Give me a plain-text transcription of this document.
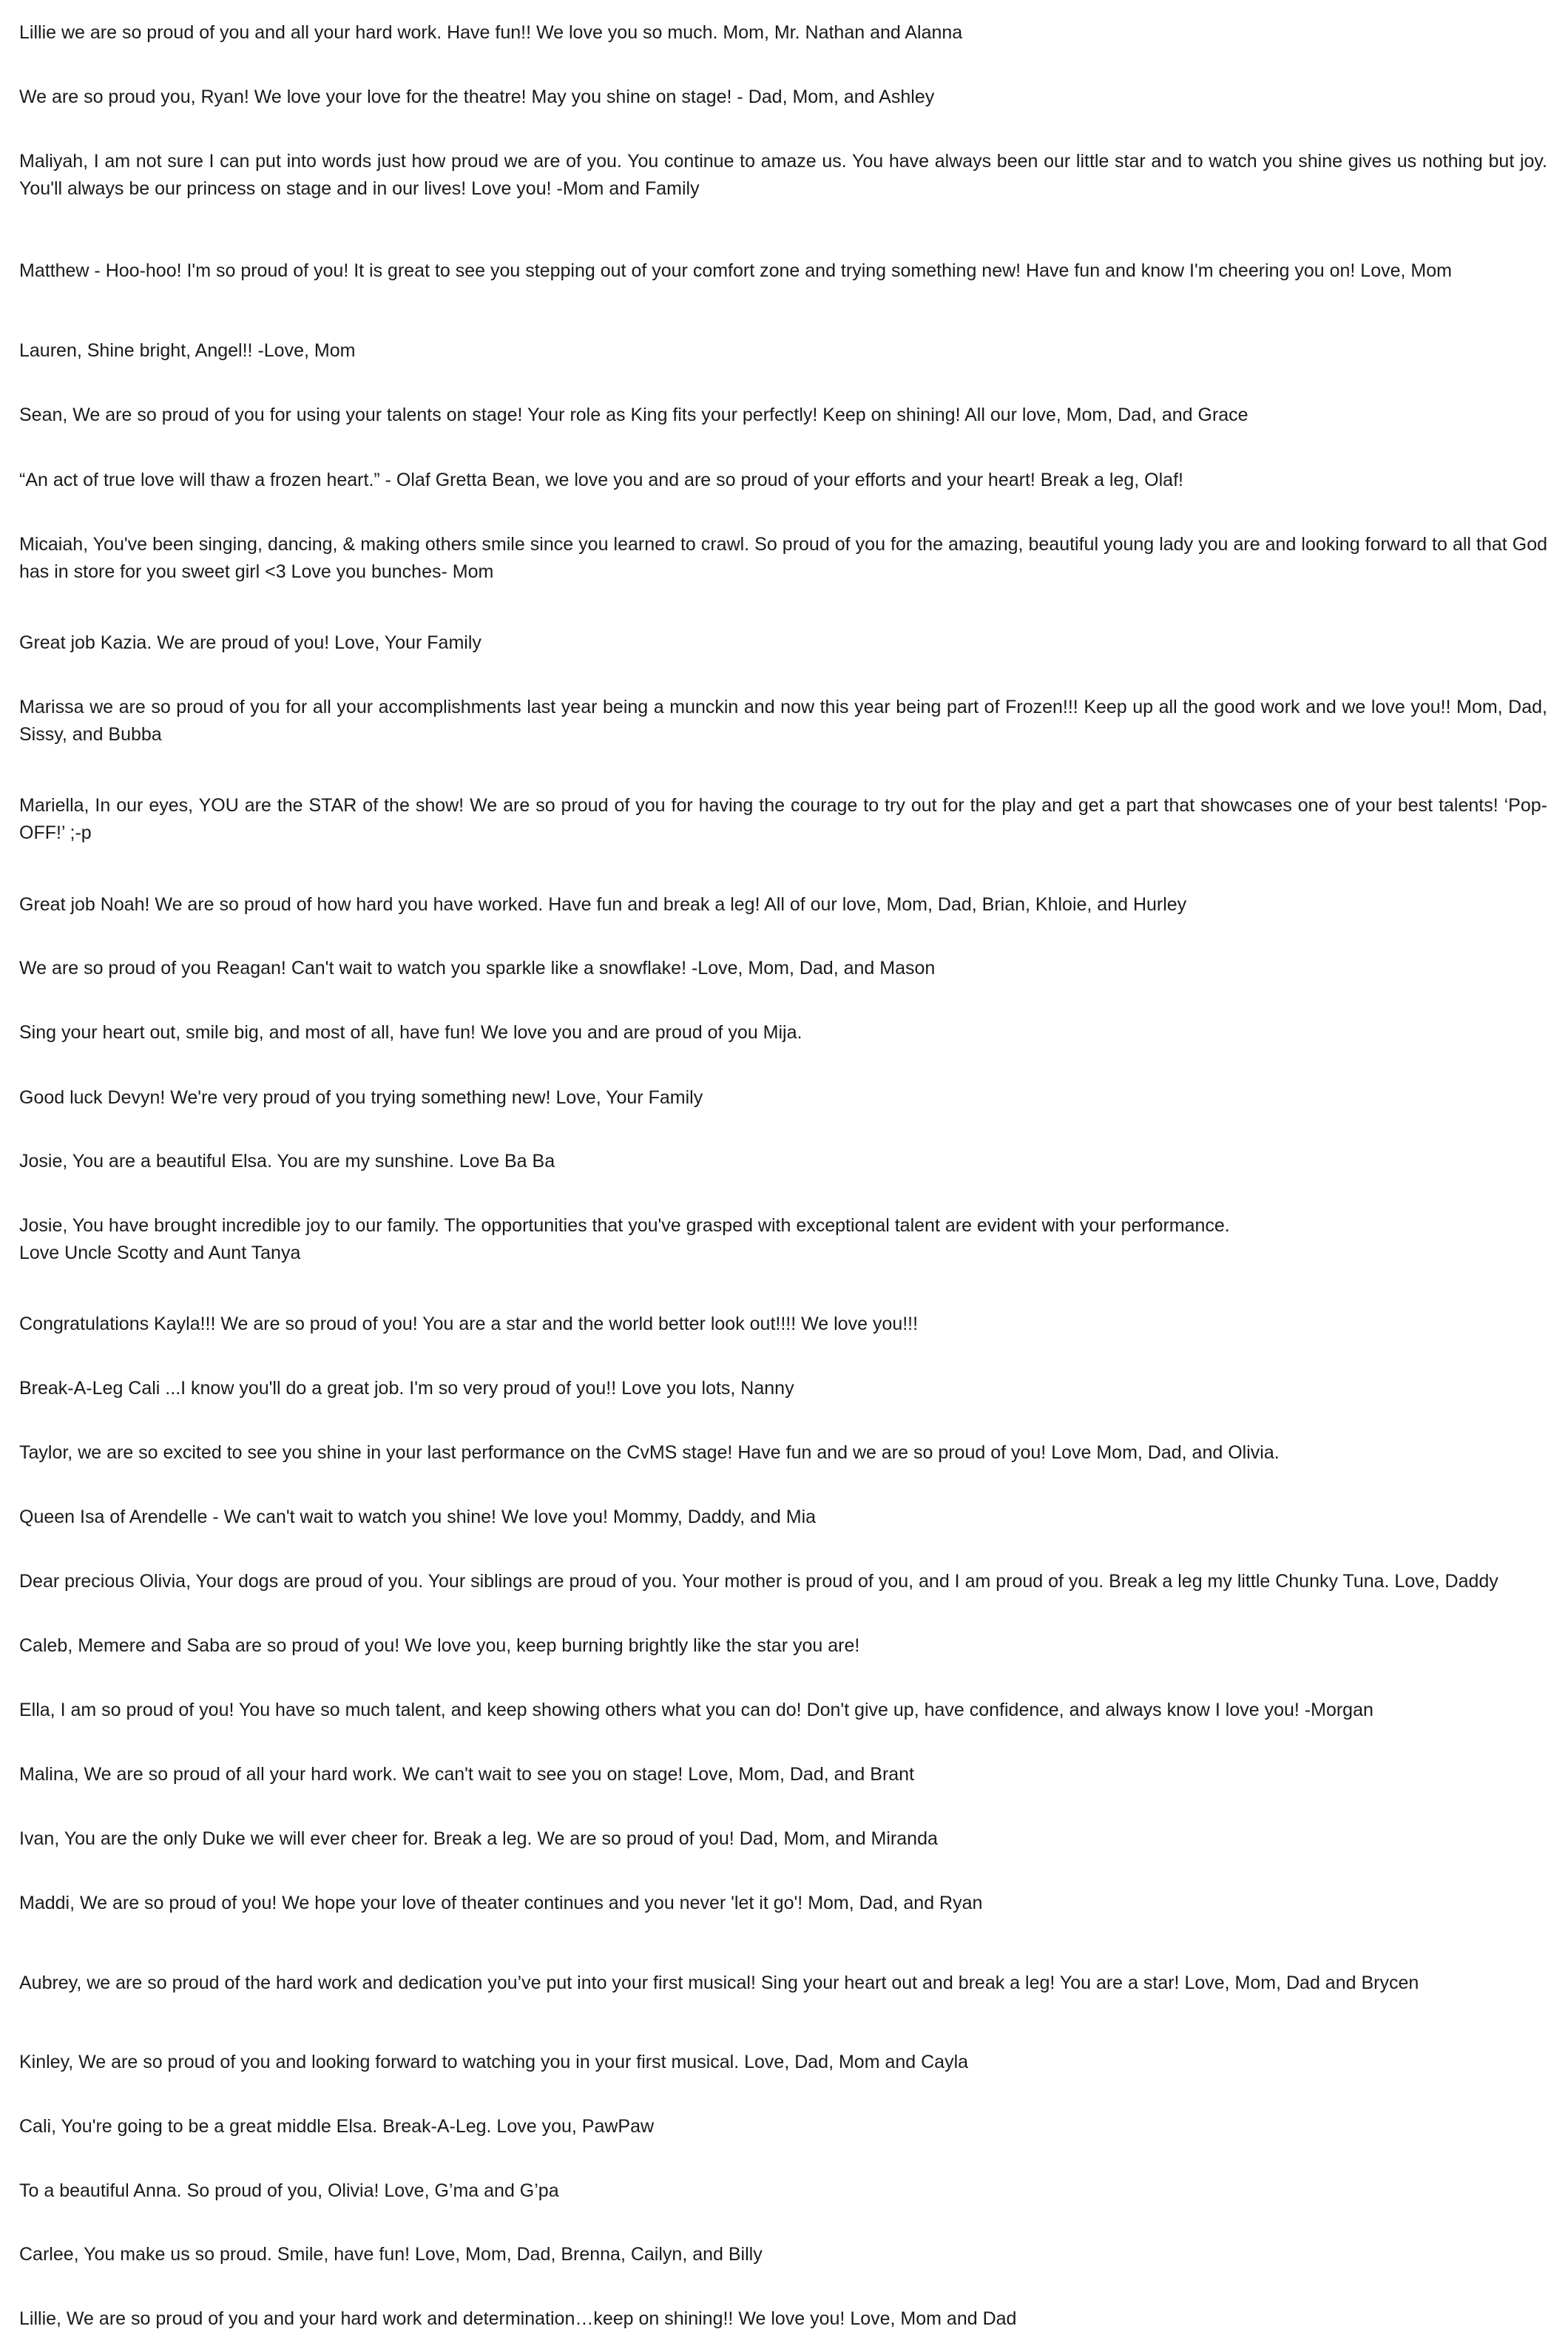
Lillie we are so proud of you and all your hard work. Have fun!! We love you so much. Mom, Mr. Nathan and Alanna
We are so proud you, Ryan! We love your love for the theatre! May you shine on stage! - Dad, Mom, and Ashley
Maliyah, I am not sure I can put into words just how proud we are of you. You continue to amaze us. You have always been our little star and to watch you shine gives us nothing but joy. You'll always be our princess on stage and in our lives! Love you! -Mom and Family
Matthew - Hoo-hoo! I'm so proud of you! It is great to see you stepping out of your comfort zone and trying something new! Have fun and know I'm cheering you on! Love, Mom
Lauren, Shine bright, Angel!! -Love, Mom
Sean, We are so proud of you for using your talents on stage! Your role as King fits your perfectly! Keep on shining! All our love, Mom, Dad, and Grace
“An act of true love will thaw a frozen heart.” - Olaf Gretta Bean, we love you and are so proud of your efforts and your heart! Break a leg, Olaf!
Micaiah, You've been singing, dancing, & making others smile since you learned to crawl. So proud of you for the amazing, beautiful young lady you are and looking forward to all that God has in store for you sweet girl <3 Love you bunches- Mom
Great job Kazia. We are proud of you! Love, Your Family
Marissa we are so proud of you for all your accomplishments last year being a munckin and now this year being part of Frozen!!! Keep up all the good work and we love you!! Mom, Dad, Sissy, and Bubba
Mariella, In our eyes, YOU are the STAR of the show! We are so proud of you for having the courage to try out for the play and get a part that showcases one of your best talents! ‘Pop-OFF!’ ;-p
Great job Noah! We are so proud of how hard you have worked. Have fun and break a leg! All of our love, Mom, Dad, Brian, Khloie, and Hurley
We are so proud of you Reagan! Can't wait to watch you sparkle like a snowflake! -Love, Mom, Dad, and Mason
Sing your heart out, smile big, and most of all, have fun! We love you and are proud of you Mija.
Good luck Devyn! We're very proud of you trying something new! Love, Your Family
Josie, You are a beautiful Elsa. You are my sunshine. Love Ba Ba
Josie, You have brought incredible joy to our family. The opportunities that you've grasped with exceptional talent are evident with your performance.
Love Uncle Scotty and Aunt Tanya
Congratulations Kayla!!! We are so proud of you! You are a star and the world better look out!!!! We love you!!!
Break-A-Leg Cali ...I know you'll do a great job. I'm so very proud of you!! Love you lots, Nanny
Taylor, we are so excited to see you shine in your last performance on the CvMS stage! Have fun and we are so proud of you! Love Mom, Dad, and Olivia.
Queen Isa of Arendelle - We can't wait to watch you shine! We love you! Mommy, Daddy, and Mia
Dear precious Olivia, Your dogs are proud of you. Your siblings are proud of you. Your mother is proud of you, and I am proud of you. Break a leg my little Chunky Tuna. Love, Daddy
Caleb, Memere and Saba are so proud of you! We love you, keep burning brightly like the star you are!
Ella, I am so proud of you! You have so much talent, and keep showing others what you can do! Don't give up, have confidence, and always know I love you! -Morgan
Malina, We are so proud of all your hard work. We can't wait to see you on stage! Love, Mom, Dad, and Brant
Ivan, You are the only Duke we will ever cheer for. Break a leg. We are so proud of you! Dad, Mom, and Miranda
Maddi, We are so proud of you! We hope your love of theater continues and you never 'let it go'! Mom, Dad, and Ryan
Aubrey, we are so proud of the hard work and dedication you’ve put into your first musical! Sing your heart out and break a leg! You are a star! Love, Mom, Dad and Brycen
Kinley, We are so proud of you and looking forward to watching you in your first musical. Love, Dad, Mom and Cayla
Cali, You're going to be a great middle Elsa. Break-A-Leg. Love you, PawPaw
To a beautiful Anna. So proud of you, Olivia! Love, G’ma and G’pa
Carlee, You make us so proud. Smile, have fun! Love, Mom, Dad, Brenna, Cailyn, and Billy
Lillie, We are so proud of you and your hard work and determination…keep on shining!! We love you! Love, Mom and Dad
